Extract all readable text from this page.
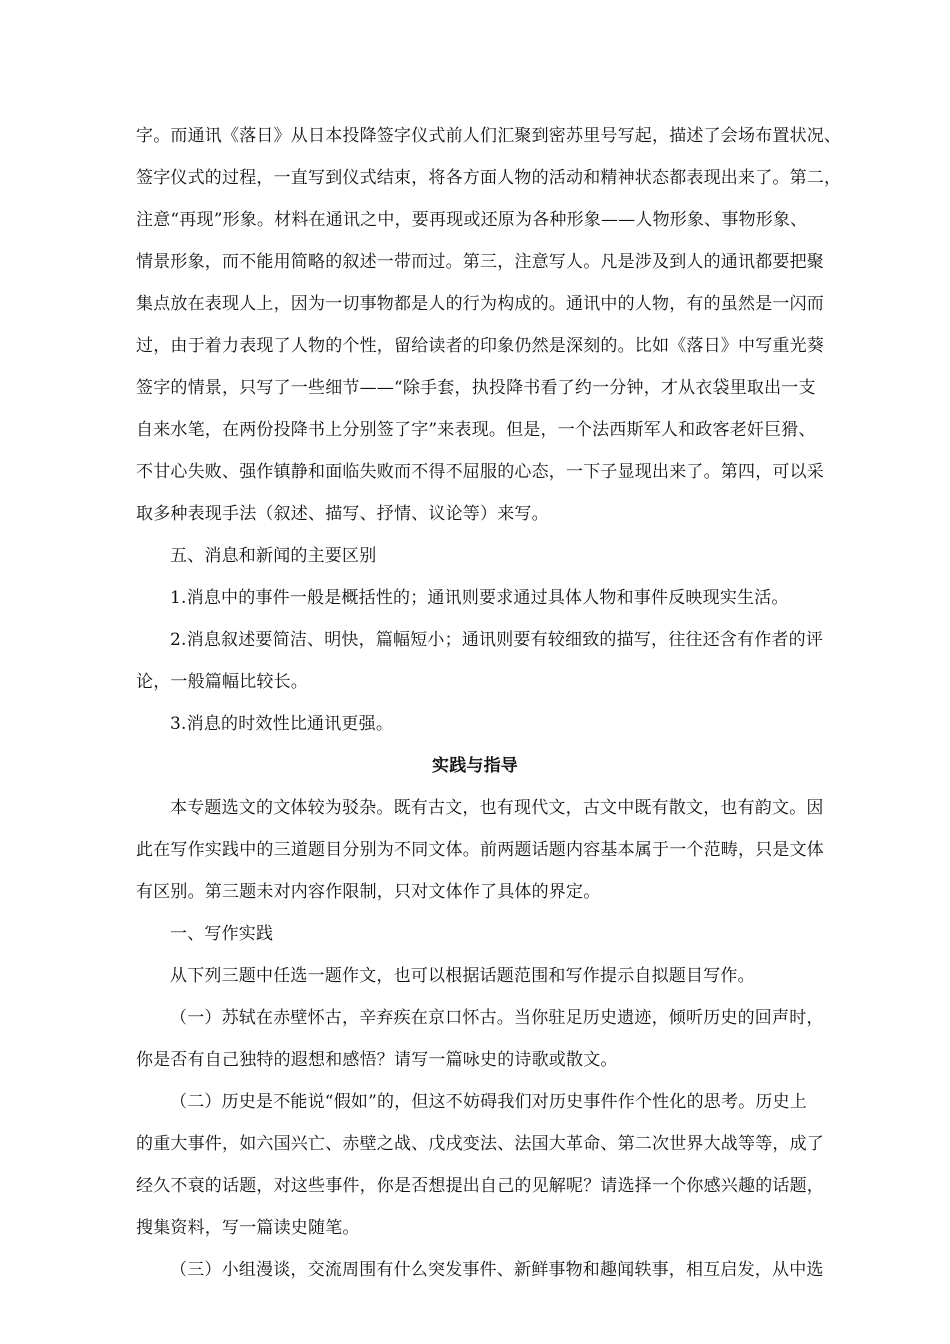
字。而通讯《落日》从日本投降签字仪式前人们汇聚到密苏里号写起，描述了会场布置状况、
签字仪式的过程，一直写到仪式结束，将各方面人物的活动和精神状态都表现出来了。第二，
注意“再现”形象。材料在通讯之中，要再现或还原为各种形象——人物形象、事物形象、
情景形象，而不能用简略的叙述一带而过。第三，注意写人。凡是涉及到人的通讯都要把聚
集点放在表现人上，因为一切事物都是人的行为构成的。通讯中的人物，有的虽然是一闪而
过，由于着力表现了人物的个性，留给读者的印象仍然是深刻的。比如《落日》中写重光葵
签字的情景，只写了一些细节——“除手套，执投降书看了约一分钟，才从衣袋里取出一支
自来水笔，在两份投降书上分别签了字”来表现。但是，一个法西斯军人和政客老奸巨猾、
不甘心失败、强作镇静和面临失败而不得不屈服的心态，一下子显现出来了。第四，可以采
取多种表现手法（叙述、描写、抒情、议论等）来写。
五、消息和新闻的主要区别
1.消息中的事件一般是概括性的；通讯则要求通过具体人物和事件反映现实生活。
2.消息叙述要简洁、明快，篇幅短小；通讯则要有较细致的描写，往往还含有作者的评
论，一般篇幅比较长。
3.消息的时效性比通讯更强。
实践与指导
本专题选文的文体较为驳杂。既有古文，也有现代文，古文中既有散文，也有韵文。因
此在写作实践中的三道题目分别为不同文体。前两题话题内容基本属于一个范畴，只是文体
有区别。第三题未对内容作限制，只对文体作了具体的界定。
一、写作实践
从下列三题中任选一题作文，也可以根据话题范围和写作提示自拟题目写作。
（一）苏轼在赤壁怀古，辛弃疾在京口怀古。当你驻足历史遗迹，倾听历史的回声时，
你是否有自己独特的遐想和感悟？请写一篇咏史的诗歌或散文。
（二）历史是不能说“假如”的，但这不妨碍我们对历史事件作个性化的思考。历史上
的重大事件，如六国兴亡、赤壁之战、戊戌变法、法国大革命、第二次世界大战等等，成了
经久不衰的话题，对这些事件，你是否想提出自己的见解呢？请选择一个你感兴趣的话题，
搜集资料，写一篇读史随笔。
（三）小组漫谈，交流周围有什么突发事件、新鲜事物和趣闻轶事，相互启发，从中选
